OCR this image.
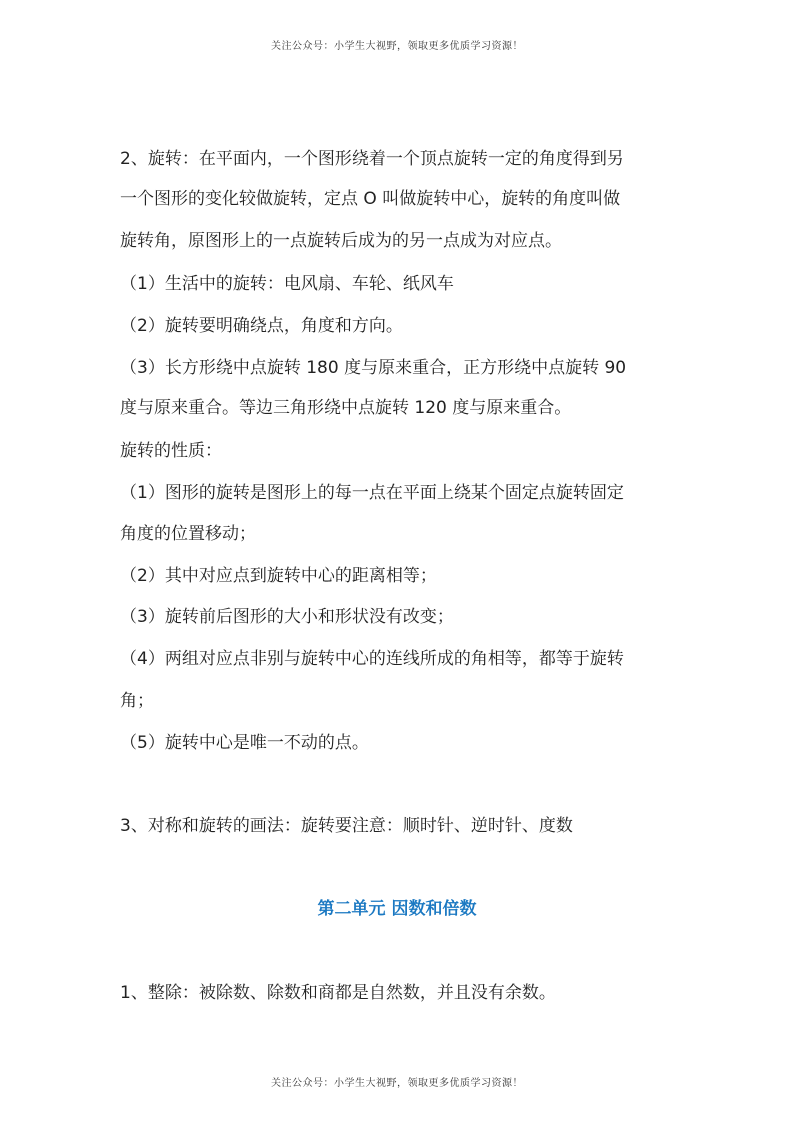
关注公众号：小学生大视野，领取更多优质学习资源！
2、旋转：在平面内，一个图形绕着一个顶点旋转一定的角度得到另
一个图形的变化较做旋转，定点 O 叫做旋转中心，旋转的角度叫做
旋转角，原图形上的一点旋转后成为的另一点成为对应点。
（1）生活中的旋转：电风扇、车轮、纸风车
（2）旋转要明确绕点，角度和方向。
（3）长方形绕中点旋转 180 度与原来重合，正方形绕中点旋转 90
度与原来重合。等边三角形绕中点旋转 120 度与原来重合。
旋转的性质：
（1）图形的旋转是图形上的每一点在平面上绕某个固定点旋转固定
角度的位置移动；
（2）其中对应点到旋转中心的距离相等；
（3）旋转前后图形的大小和形状没有改变；
（4）两组对应点非别与旋转中心的连线所成的角相等，都等于旋转
角；
（5）旋转中心是唯一不动的点。
3、对称和旋转的画法：旋转要注意：顺时针、逆时针、度数
第二单元 因数和倍数
1、整除：被除数、除数和商都是自然数，并且没有余数。
关注公众号：小学生大视野，领取更多优质学习资源！
